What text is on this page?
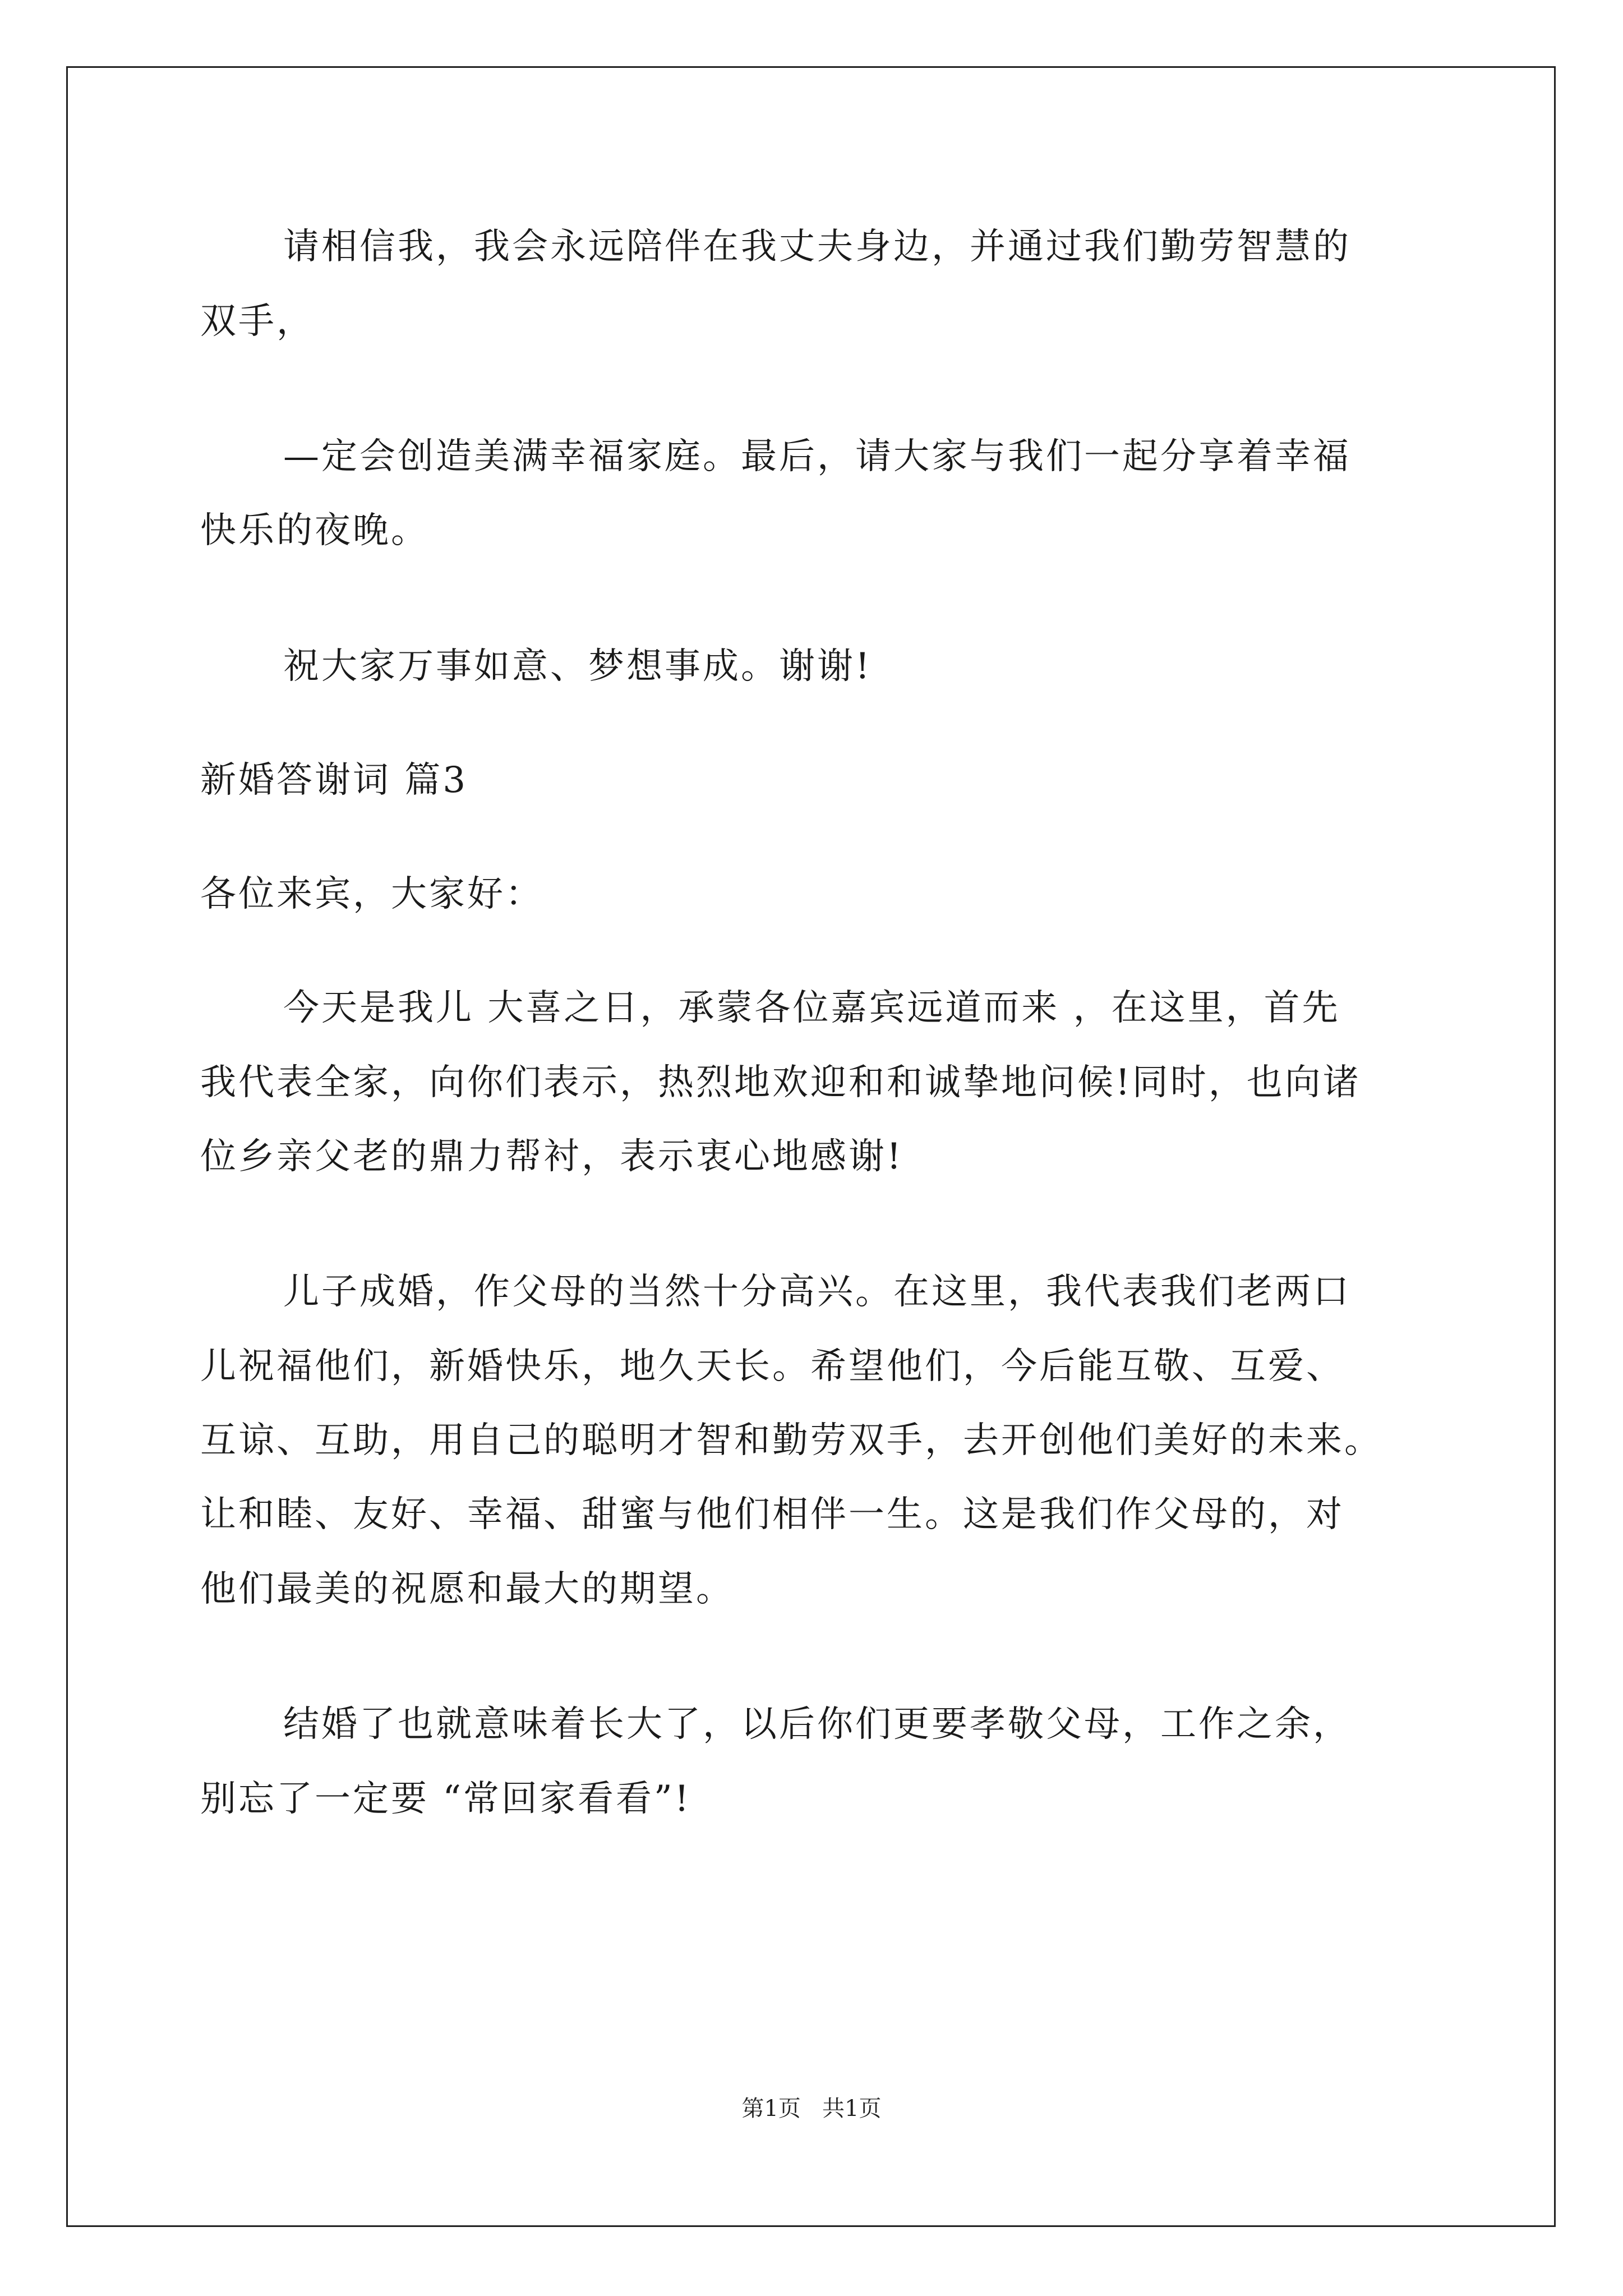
请相信我，我会永远陪伴在我丈夫身边，并通过我们勤劳智慧的
双手，
—定会创造美满幸福家庭。最后，请大家与我们一起分享着幸福
快乐的夜晚。
祝大家万事如意、梦想事成。谢谢!
新婚答谢词 篇3
各位来宾，大家好：
今天是我儿 大喜之日，承蒙各位嘉宾远道而来 ，在这里，首先
我代表全家，向你们表示，热烈地欢迎和和诚挚地问候!同时，也向诸
位乡亲父老的鼎力帮衬，表示衷心地感谢!
儿子成婚，作父母的当然十分高兴。在这里，我代表我们老两口
儿祝福他们，新婚快乐，地久天长。希望他们，今后能互敬、互爱、
互谅、互助，用自己的聪明才智和勤劳双手，去开创他们美好的未来。
让和睦、友好、幸福、甜蜜与他们相伴一生。这是我们作父母的，对
他们最美的祝愿和最大的期望。
结婚了也就意味着长大了，以后你们更要孝敬父母，工作之余，
别忘了一定要 “常回家看看”!
第1页   共1页
